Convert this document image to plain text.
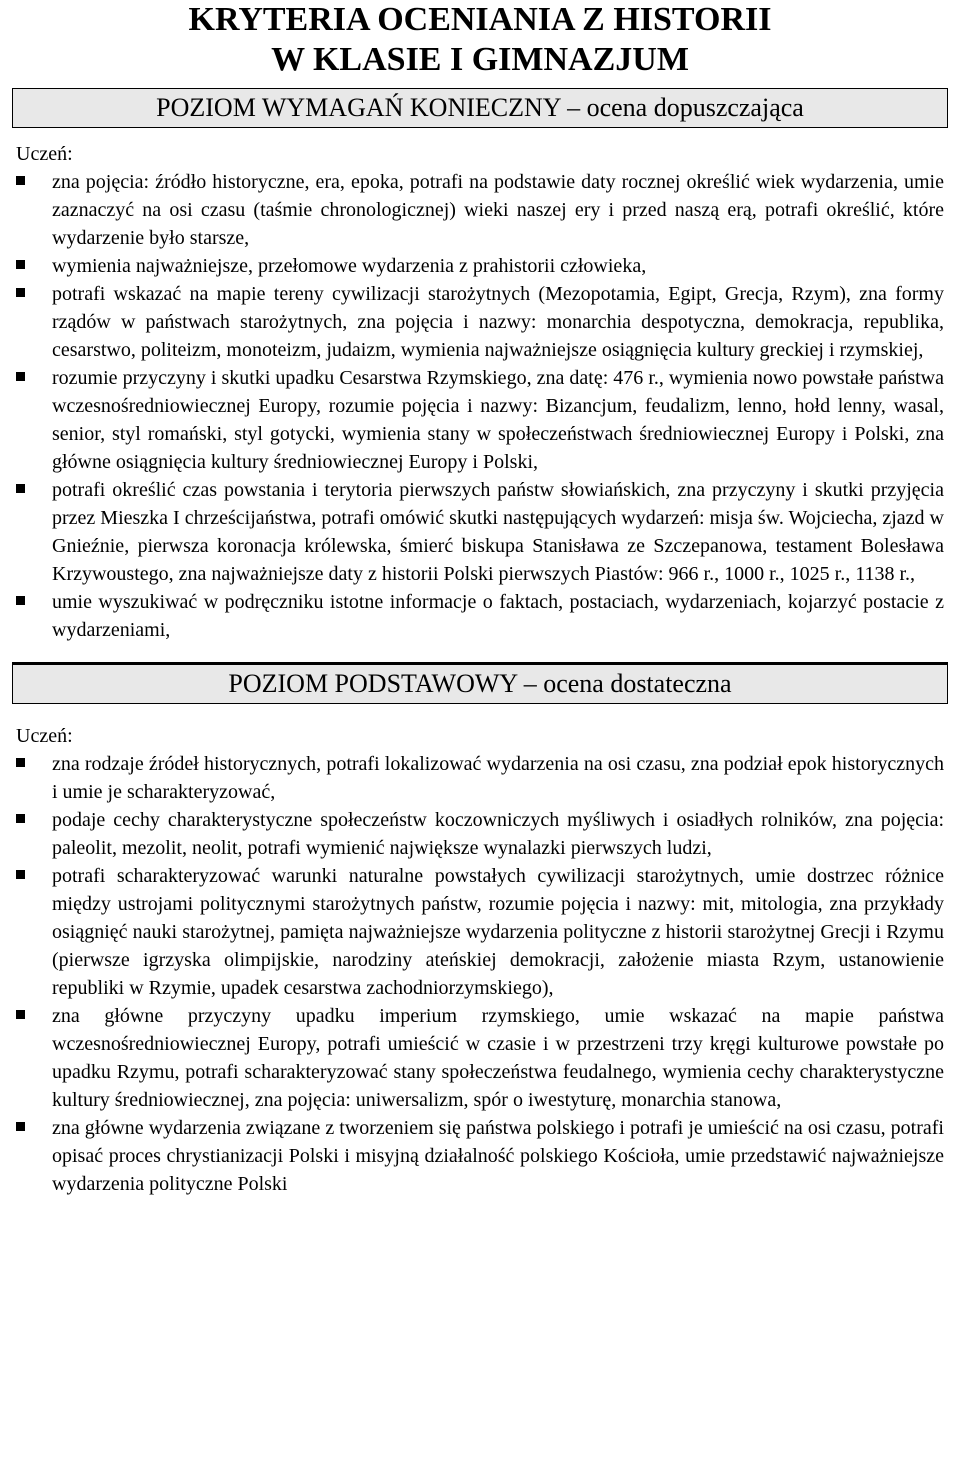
KRYTERIA OCENIANIA Z HISTORII
W KLASIE I GIMNAZJUM
POZIOM WYMAGAŃ KONIECZNY – ocena dopuszczająca
Uczeń:
zna pojęcia: źródło historyczne, era, epoka, potrafi na podstawie daty rocznej określić wiek wydarzenia, umie zaznaczyć na osi czasu (taśmie chronologicznej) wieki naszej ery i przed naszą erą, potrafi określić, które wydarzenie było starsze,
wymienia najważniejsze, przełomowe wydarzenia z prahistorii człowieka,
potrafi wskazać na mapie tereny cywilizacji starożytnych (Mezopotamia, Egipt, Grecja, Rzym), zna formy rządów w państwach starożytnych, zna pojęcia i nazwy: monarchia despotyczna, demokracja, republika, cesarstwo, politeizm, monoteizm, judaizm, wymienia najważniejsze osiągnięcia kultury greckiej i rzymskiej,
rozumie przyczyny i skutki upadku Cesarstwa Rzymskiego, zna datę: 476 r., wymienia nowo powstałe państwa wczesnośredniowiecznej Europy, rozumie pojęcia i nazwy: Bizancjum, feudalizm, lenno, hołd lenny, wasal, senior, styl romański, styl gotycki, wymienia stany w społeczeństwach średniowiecznej Europy i Polski, zna główne osiągnięcia kultury średniowiecznej Europy i Polski,
potrafi określić czas powstania i terytoria pierwszych państw słowiańskich, zna przyczyny i skutki przyjęcia przez Mieszka I chrześcijaństwa, potrafi omówić skutki następujących wydarzeń: misja św. Wojciecha, zjazd w Gnieźnie, pierwsza koronacja królewska, śmierć biskupa Stanisława ze Szczepanowa, testament Bolesława Krzywoustego, zna najważniejsze daty z historii Polski pierwszych Piastów: 966 r., 1000 r., 1025 r., 1138 r.,
umie wyszukiwać w podręczniku istotne informacje o faktach, postaciach, wydarzeniach, kojarzyć postacie z wydarzeniami,
POZIOM PODSTAWOWY – ocena dostateczna
Uczeń:
zna rodzaje źródeł historycznych, potrafi lokalizować wydarzenia na osi czasu, zna podział epok historycznych i umie je scharakteryzować,
podaje cechy charakterystyczne społeczeństw koczowniczych myśliwych i osiadłych rolników, zna pojęcia: paleolit, mezolit, neolit, potrafi wymienić największe wynalazki pierwszych ludzi,
potrafi scharakteryzować warunki naturalne powstałych cywilizacji starożytnych, umie dostrzec różnice między ustrojami politycznymi starożytnych państw, rozumie pojęcia i nazwy: mit, mitologia, zna przykłady osiągnięć nauki starożytnej, pamięta najważniejsze wydarzenia polityczne z historii starożytnej Grecji i Rzymu (pierwsze igrzyska olimpijskie, narodziny ateńskiej demokracji, założenie miasta Rzym, ustanowienie republiki w Rzymie, upadek cesarstwa zachodniorzymskiego),
zna główne przyczyny upadku imperium rzymskiego, umie wskazać na mapie państwa wczesnośredniowiecznej Europy, potrafi umieścić w czasie i w przestrzeni trzy kręgi kulturowe powstałe po upadku Rzymu, potrafi scharakteryzować stany społeczeństwa feudalnego, wymienia cechy charakterystyczne kultury średniowiecznej, zna pojęcia: uniwersalizm, spór o iwestyturę, monarchia stanowa,
zna główne wydarzenia związane z tworzeniem się państwa polskiego i potrafi je umieścić na osi czasu, potrafi opisać proces chrystianizacji Polski i misyjną działalność polskiego Kościoła, umie przedstawić najważniejsze wydarzenia polityczne Polski
